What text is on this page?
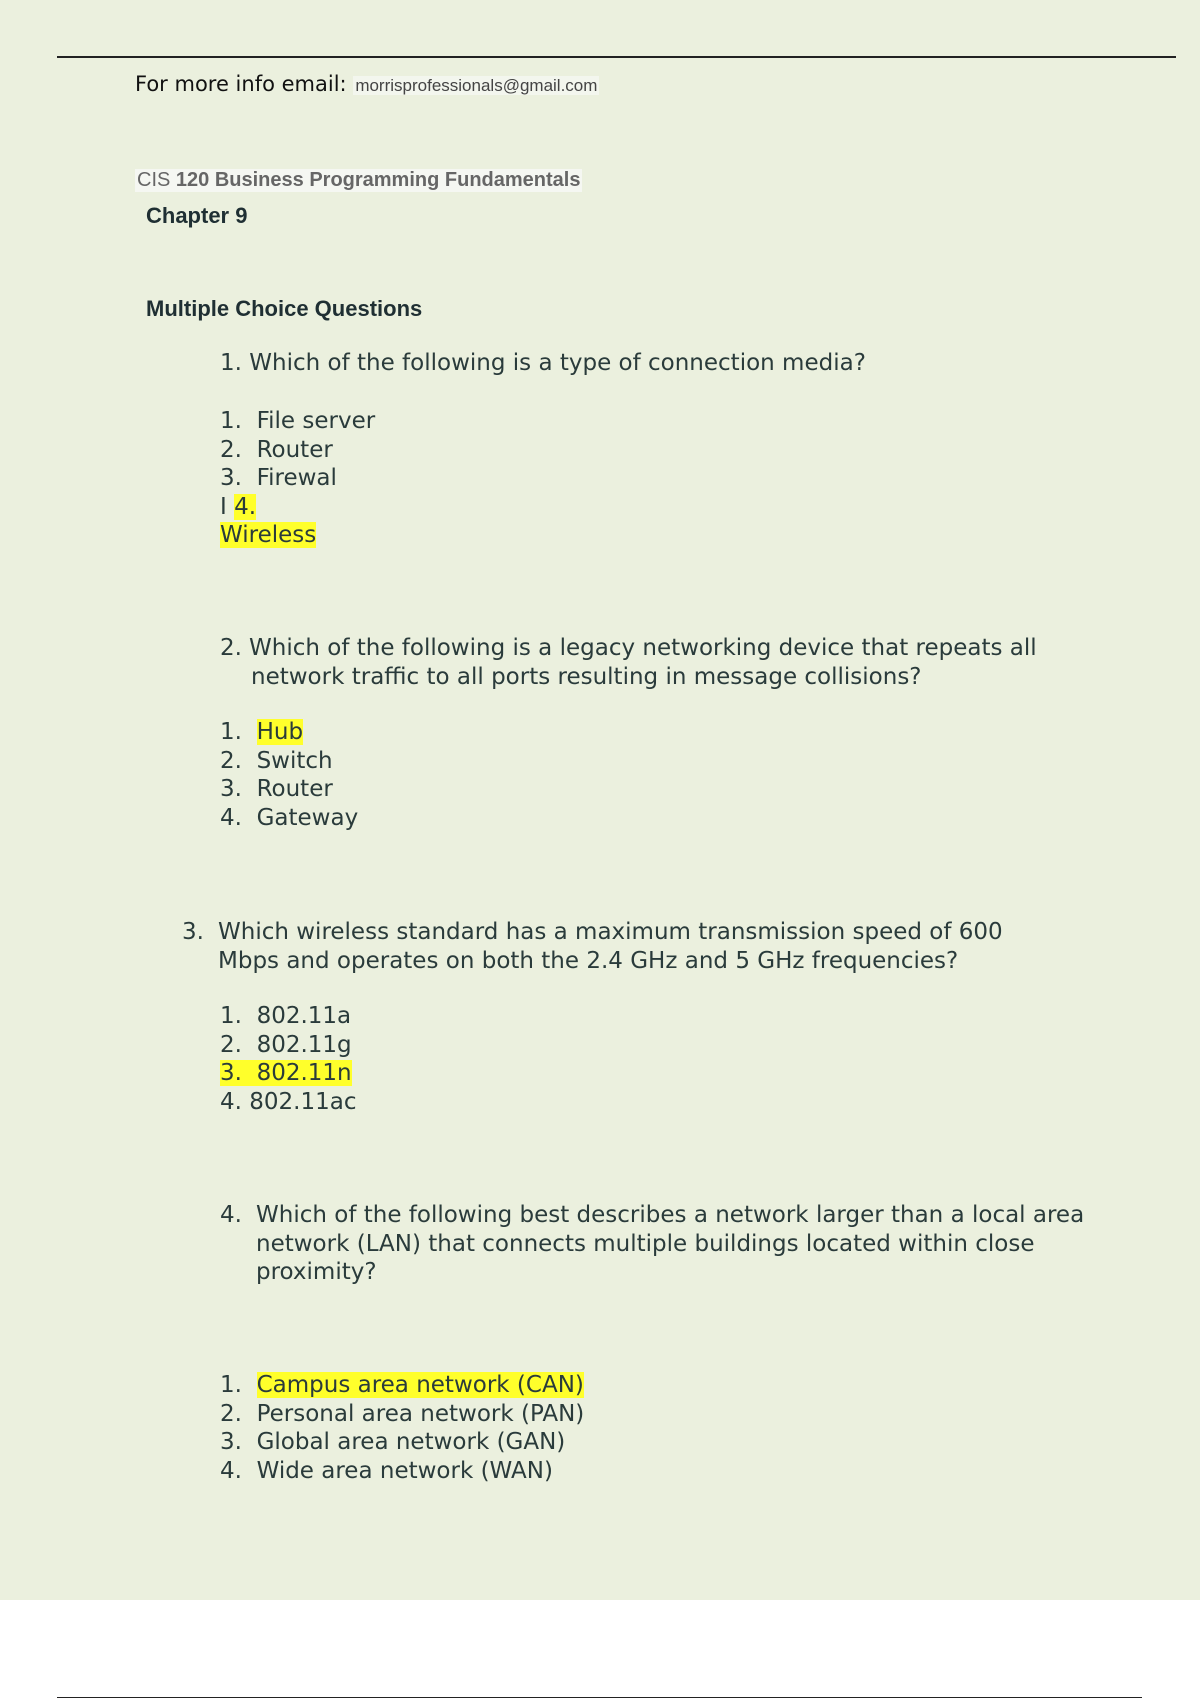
For more info email: morrisprofessionals@gmail.com
CIS 120 Business Programming Fundamentals
Chapter 9
Multiple Choice Questions
1. Which of the following is a type of connection media?
1. File server
2. Router
3. Firewal
I 4.
Wireless
2. Which of the following is a legacy networking device that repeats all network traffic to all ports resulting in message collisions?
1. Hub
2. Switch
3. Router
4. Gateway
3. Which wireless standard has a maximum transmission speed of 600 Mbps and operates on both the 2.4 GHz and 5 GHz frequencies?
1. 802.11a
2. 802.11g
3. 802.11n
4. 802.11ac
4. Which of the following best describes a network larger than a local area network (LAN) that connects multiple buildings located within close proximity?
1. Campus area network (CAN)
2. Personal area network (PAN)
3. Global area network (GAN)
4. Wide area network (WAN)
